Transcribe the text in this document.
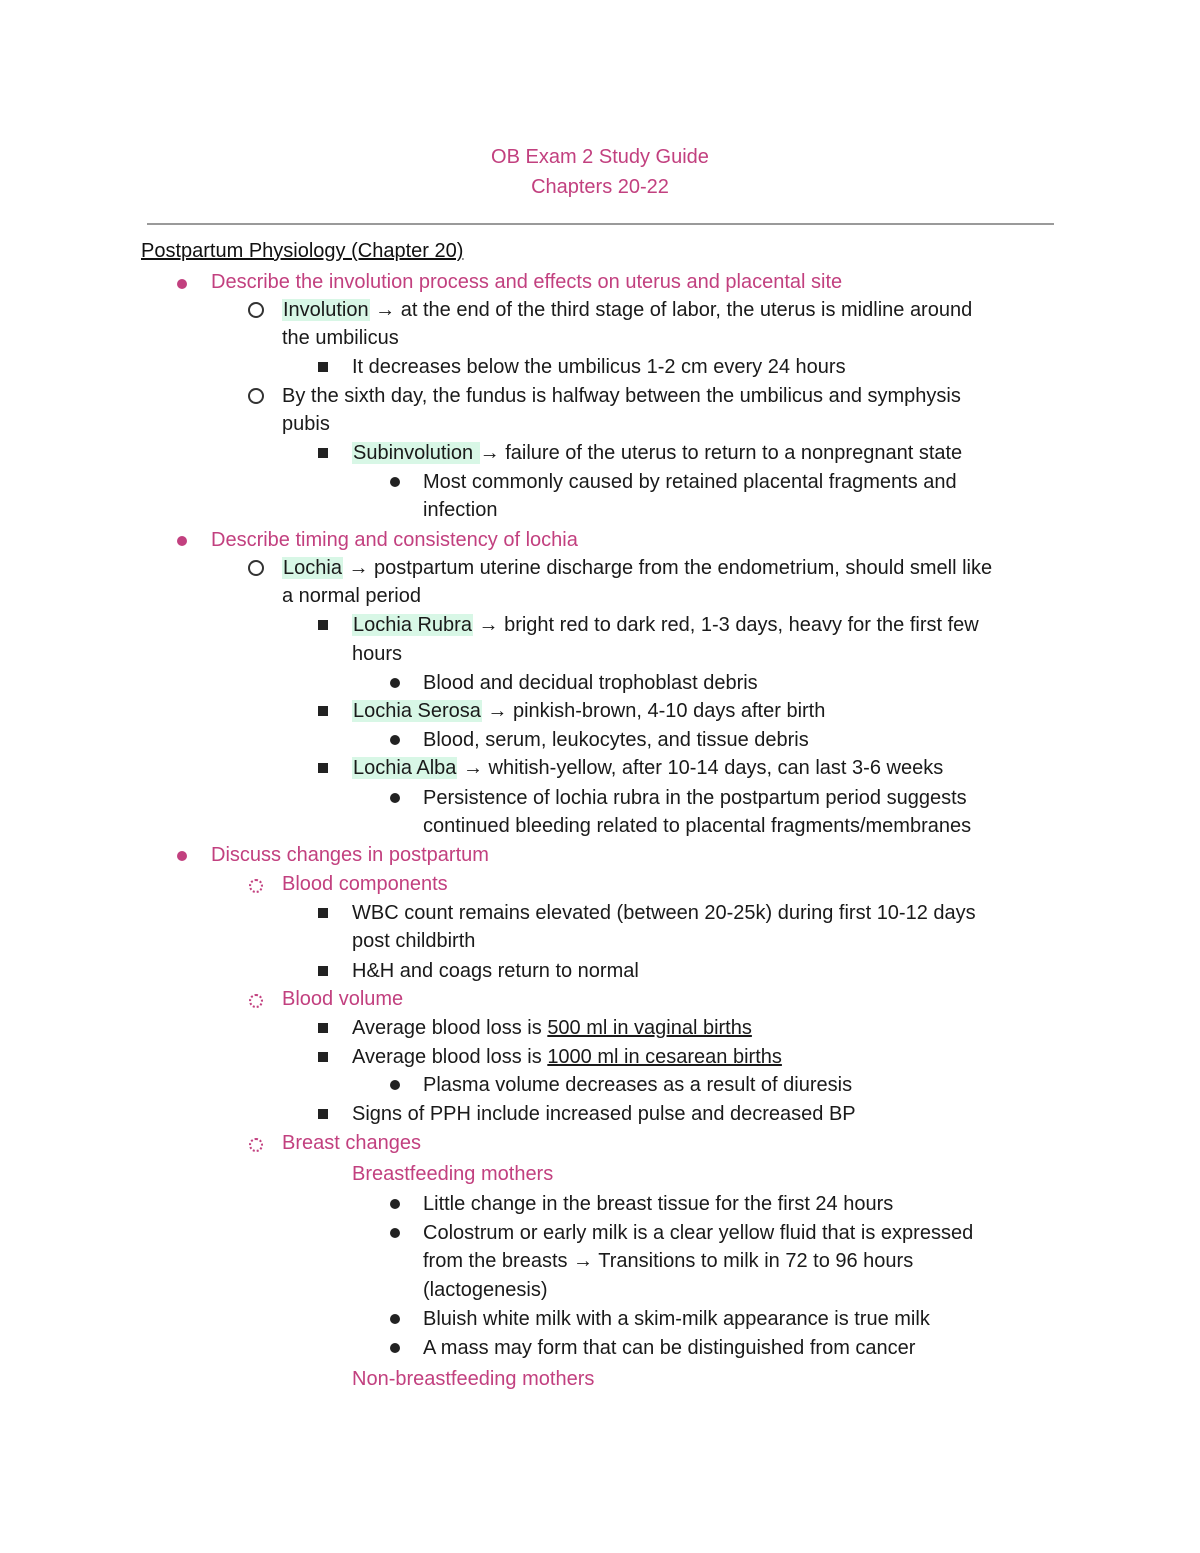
OB Exam 2 Study Guide
Chapters 20-22
Postpartum Physiology (Chapter 20)
Describe the involution process and effects on uterus and placental site
Involution → at the end of the third stage of labor, the uterus is midline around
the umbilicus
It decreases below the umbilicus 1-2 cm every 24 hours
By the sixth day, the fundus is halfway between the umbilicus and symphysis
pubis
Subinvolution → failure of the uterus to return to a nonpregnant state
Most commonly caused by retained placental fragments and
infection
Describe timing and consistency of lochia
Lochia → postpartum uterine discharge from the endometrium, should smell like
a normal period
Lochia Rubra → bright red to dark red, 1-3 days, heavy for the first few
hours
Blood and decidual trophoblast debris
Lochia Serosa → pinkish-brown, 4-10 days after birth
Blood, serum, leukocytes, and tissue debris
Lochia Alba → whitish-yellow, after 10-14 days, can last 3-6 weeks
Persistence of lochia rubra in the postpartum period suggests
continued bleeding related to placental fragments/membranes
Discuss changes in postpartum
Blood components
WBC count remains elevated (between 20-25k) during first 10-12 days
post childbirth
H&H and coags return to normal
Blood volume
Average blood loss is 500 ml in vaginal births
Average blood loss is 1000 ml in cesarean births
Plasma volume decreases as a result of diuresis
Signs of PPH include increased pulse and decreased BP
Breast changes
Breastfeeding mothers
Little change in the breast tissue for the first 24 hours
Colostrum or early milk is a clear yellow fluid that is expressed
from the breasts → Transitions to milk in 72 to 96 hours
(lactogenesis)
Bluish white milk with a skim-milk appearance is true milk
A mass may form that can be distinguished from cancer
Non-breastfeeding mothers
